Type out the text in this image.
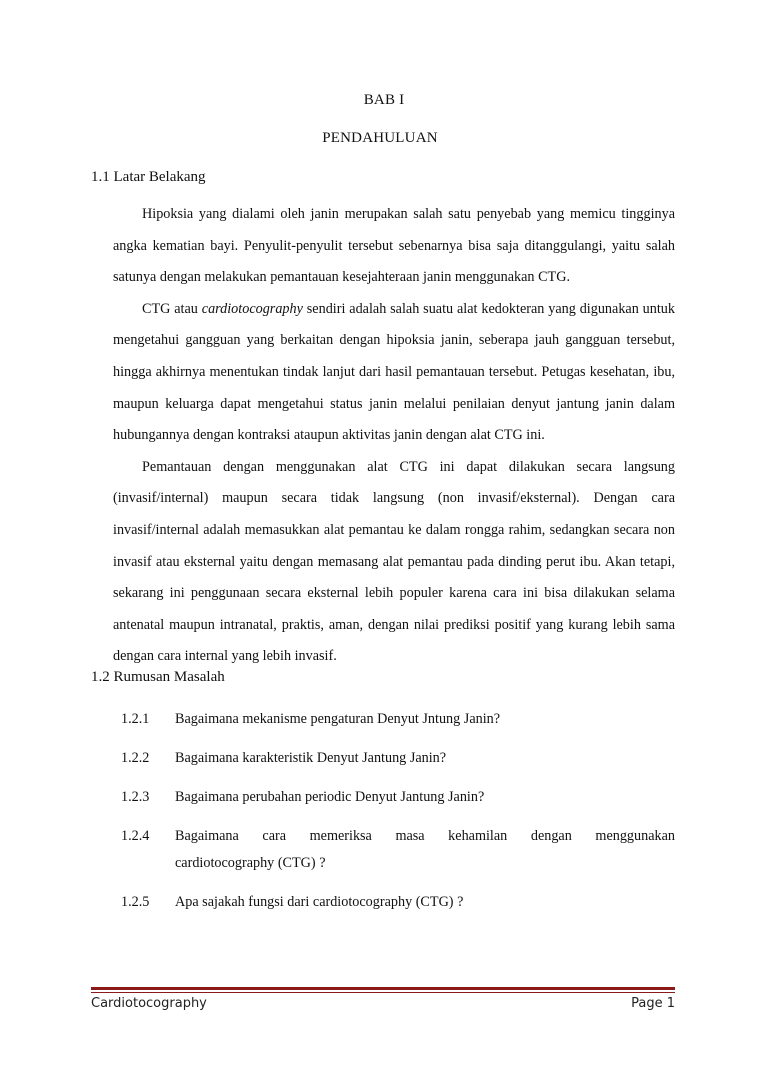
BAB I
PENDAHULUAN
1.1 Latar Belakang

Hipoksia yang dialami oleh janin merupakan salah satu penyebab yang memicu tingginya angka kematian bayi. Penyulit-penyulit tersebut sebenarnya bisa saja ditanggulangi, yaitu salah satunya dengan melakukan pemantauan kesejahteraan janin menggunakan CTG.

CTG atau cardiotocography sendiri adalah salah suatu alat kedokteran yang digunakan untuk mengetahui gangguan yang berkaitan dengan hipoksia janin, seberapa jauh gangguan tersebut, hingga akhirnya menentukan tindak lanjut dari hasil pemantauan tersebut. Petugas kesehatan, ibu, maupun keluarga dapat mengetahui status janin melalui penilaian denyut jantung janin dalam hubungannya dengan kontraksi ataupun aktivitas janin dengan alat CTG ini.

Pemantauan dengan menggunakan alat CTG ini dapat dilakukan secara langsung (invasif/internal) maupun secara tidak langsung (non invasif/eksternal). Dengan cara invasif/internal adalah memasukkan alat pemantau ke dalam rongga rahim, sedangkan secara non invasif atau eksternal yaitu dengan memasang alat pemantau pada dinding perut ibu. Akan tetapi, sekarang ini penggunaan secara eksternal lebih populer karena cara ini bisa dilakukan selama antenatal maupun intranatal, praktis, aman, dengan nilai prediksi positif yang kurang lebih sama dengan cara internal yang lebih invasif.

1.2 Rumusan Masalah
1.2.1	Bagaimana mekanisme pengaturan Denyut Jntung Janin?
1.2.2	Bagaimana karakteristik Denyut Jantung Janin?
1.2.3	Bagaimana perubahan periodic Denyut Jantung Janin?
1.2.4	Bagaimana cara memeriksa masa kehamilan dengan menggunakan
cardiotocography (CTG) ?
1.2.5	Apa sajakah fungsi dari cardiotocography (CTG) ?
Cardiotocography	Page 1
